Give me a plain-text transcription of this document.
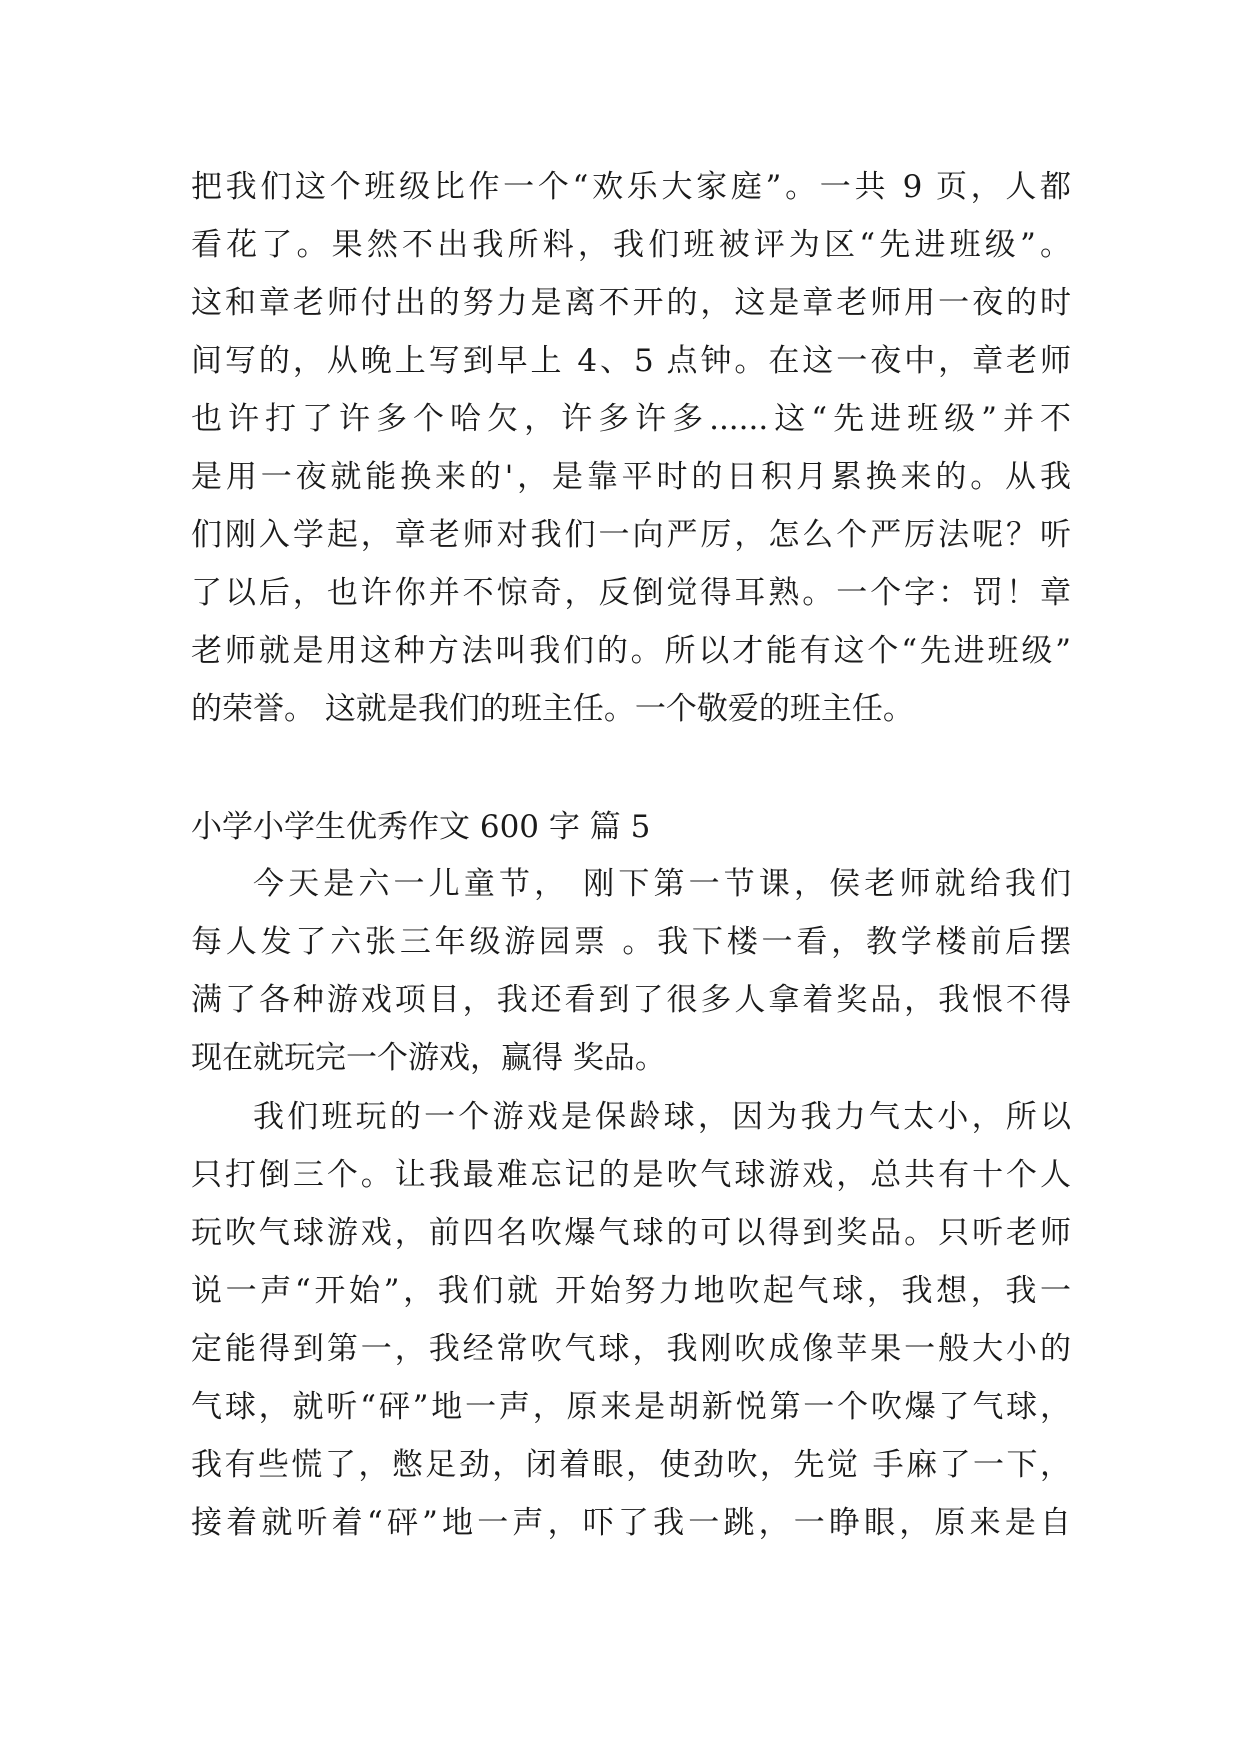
把我们这个班级比作一个“欢乐大家庭”。一共 9 页，人都
看花了。果然不出我所料，我们班被评为区“先进班级”。
这和章老师付出的努力是离不开的，这是章老师用一夜的时
间写的，从晚上写到早上 4、5 点钟。在这一夜中，章老师
也许打了许多个哈欠，许多许多......这“先进班级”并不
是用一夜就能换来的'，是靠平时的日积月累换来的。从我
们刚入学起，章老师对我们一向严厉，怎么个严厉法呢？听
了以后，也许你并不惊奇，反倒觉得耳熟。一个字：罚！章
老师就是用这种方法叫我们的。所以才能有这个“先进班级”
的荣誉。 这就是我们的班主任。一个敬爱的班主任。
小学小学生优秀作文 600 字 篇 5
今天是六一儿童节， 刚下第一节课，侯老师就给我们
每人发了六张三年级游园票 。我下楼一看，教学楼前后摆
满了各种游戏项目，我还看到了很多人拿着奖品，我恨不得
现在就玩完一个游戏，赢得 奖品。
我们班玩的一个游戏是保龄球，因为我力气太小，所以
只打倒三个。让我最难忘记的是吹气球游戏，总共有十个人
玩吹气球游戏，前四名吹爆气球的可以得到奖品。只听老师
说一声“开始”，我们就 开始努力地吹起气球，我想，我一
定能得到第一，我经常吹气球，我刚吹成像苹果一般大小的
气球，就听“砰”地一声，原来是胡新悦第一个吹爆了气球，
我有些慌了，憋足劲，闭着眼，使劲吹，先觉 手麻了一下，
接着就听着“砰”地一声，吓了我一跳，一睁眼，原来是自
